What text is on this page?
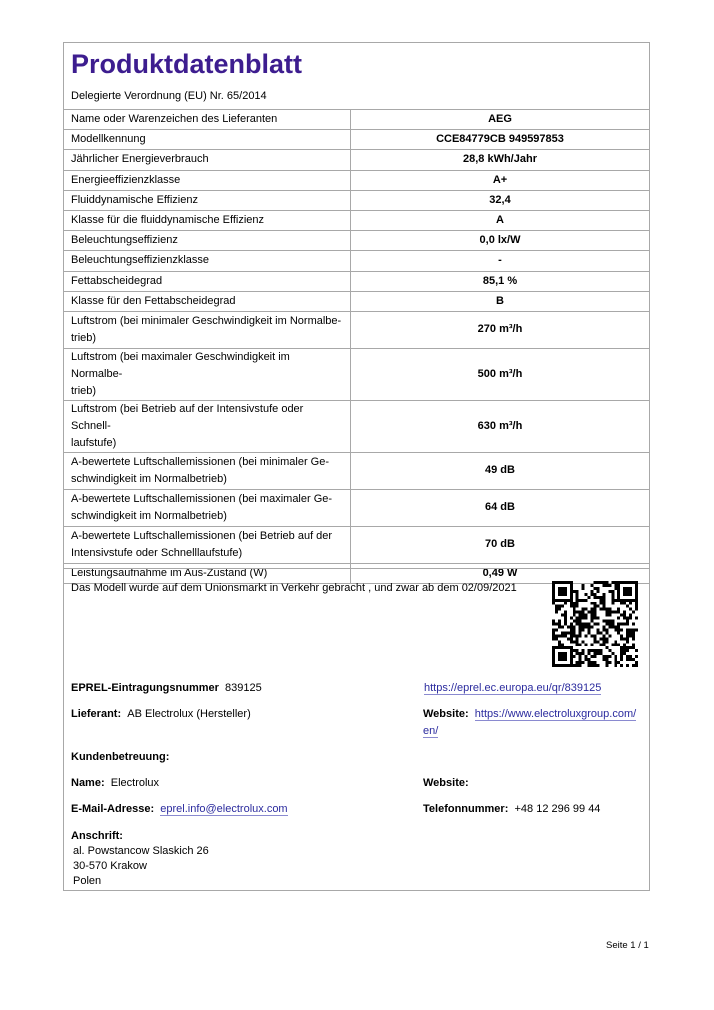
Produktdatenblatt
Delegierte Verordnung (EU) Nr. 65/2014
Name oder Warenzeichen des Lieferanten	AEG
Modellkennung	CCE84779CB 949597853
Jährlicher Energieverbrauch	28,8 kWh/Jahr
Energieeffizienzklasse	A+
Fluiddynamische Effizienz	32,4
Klasse für die fluiddynamische Effizienz	A
Beleuchtungseffizienz	0,0 lx/W
Beleuchtungseffizienzklasse	-
Fettabscheidegrad	85,1 %
Klasse für den Fettabscheidegrad	B
Luftstrom (bei minimaler Geschwindigkeit im Normalbe-
trieb)	270 m³/h
Luftstrom (bei maximaler Geschwindigkeit im Normalbe-
trieb)	500 m³/h
Luftstrom (bei Betrieb auf der Intensivstufe oder Schnell-
laufstufe)	630 m³/h
A-bewertete Luftschallemissionen (bei minimaler Ge-
schwindigkeit im Normalbetrieb)	49 dB
A-bewertete Luftschallemissionen (bei maximaler Ge-
schwindigkeit im Normalbetrieb)	64 dB
A-bewertete Luftschallemissionen (bei Betrieb auf der
Intensivstufe oder Schnelllaufstufe)	70 dB
Leistungsaufnahme im Aus-Zustand (W)	0,49 W
Das Modell wurde auf dem Unionsmarkt in Verkehr gebracht , und zwar ab dem 02/09/2021
EPREL-Eintragungsnummer 839125	https://eprel.ec.europa.eu/qr/839125
Lieferant: AB Electrolux (Hersteller)	Website: https://www.electroluxgroup.com/
en/
Kundenbetreuung:
Name: Electrolux	Website:
E-Mail-Adresse: eprel.info@electrolux.com	Telefonnummer: +48 12 296 99 44
Anschrift:
al. Powstancow Slaskich 26
30-570 Krakow
Polen
Seite 1 / 1
